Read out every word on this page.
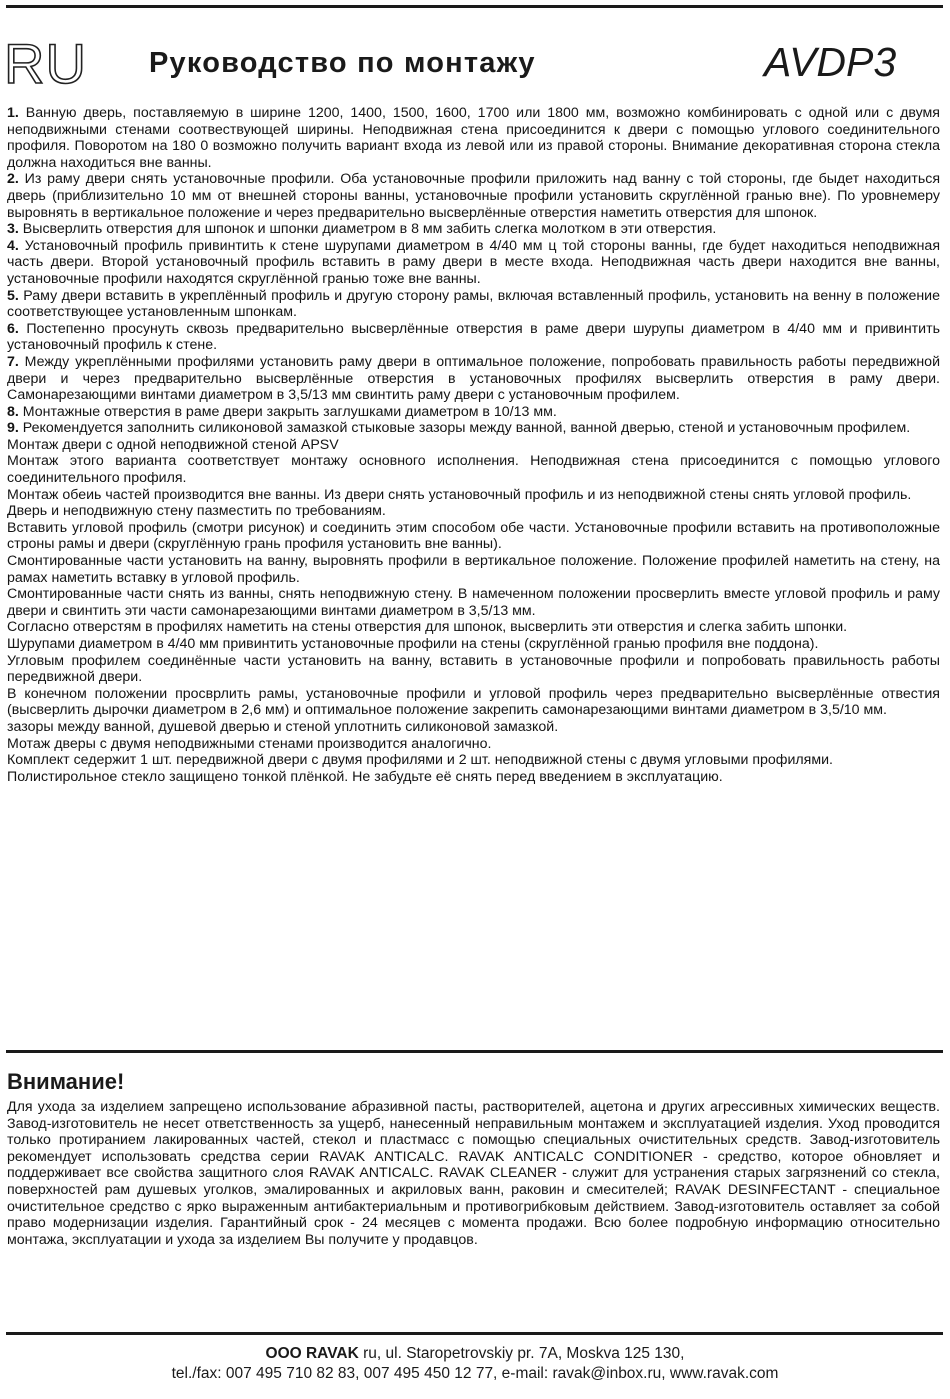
RU Руководство по монтажу	AVDP3

1. Ванную дверь, поставляемую в ширине 1200, 1400, 1500, 1600, 1700 или 1800 мм, возможно комбинировать с одной или с двумя неподвижными стенами соотвествующей ширины. Неподвижная стена присоединится к двери с помощью углового соединительного профиля. Поворотом на 180 0 возможно получить вариант входа из левой или из правой стороны. Внимание декоративная сторона стекла должна находиться вне ванны.

2. Из раму двери снять установочные профили. Оба установочные профили приложить над ванну с той стороны, где быдет находиться дверь (приблизительно 10 мм от внешней стороны ванны, установочные профили установить скруглённой гранью вне). По уровнемеру выровнять в вертикальное положение и через предварительно высверлённые отверстия наметить отверстия для шпонок.

3. Высверлить отверстия для шпонок и шпонки диаметром в 8 мм забить слегка молотком в эти отверстия.

4. Установочный профиль привинтить к стене шурупами диаметром в 4/40 мм ц той стороны ванны, где будет находиться неподвижная часть двери. Второй установочный профиль вставить в раму двери в месте входа. Неподвижная часть двери находится вне ванны, установочные профили находятся скруглённой гранью тоже вне ванны.

5. Раму двери вставить в укреплённый профиль и другую сторону рамы, включая вставленный профиль, установить на венну в положение соответствующее установленным шпонкам.

6. Постепенно просунуть сквозь предварительно высверлённые отверстия в раме двери шурупы диаметром в 4/40 мм и привинтить установочный профиль к стене.

7. Между укреплёнными профилями установить раму двери в оптимальное положение, попробовать правильность работы передвижной двери и через предварительно высверлённые отверстия в установочных профилях высверлить отверстия в раму двери. Самонарезающими винтами диаметром в 3,5/13 мм свинтить раму двери с установочным профилем.

8. Монтажные отверстия в раме двери закрыть заглушками диаметром в 10/13 мм.

9. Рекомендуется заполнить силиконовой замазкой стыковые зазоры между ванной, ванной дверью, стеной и установочным профилем.

Монтаж двери с одной неподвижной стеной APSV

Монтаж этого варианта соответствует монтажу основного исполнения. Неподвижная стена присоединится с помощью углового соединительного профиля.

Монтаж обеиь частей производится вне ванны. Из двери снять установочный профиль и из неподвижной стены снять угловой профиль.

Дверь и неподвижную стену пазместить по требованиям.

Вставить угловой профиль (смотри рисунок) и соединить этим способом обе части. Установочные профили вставить на противоположные строны рамы и двери (скруглённую грань профиля установить вне ванны).

Смонтированные части установить на ванну, выровнять профили в вертикальное положение. Положение профилей наметить на стену, на рамах наметить вставку в угловой профиль.

Смонтированные части снять из ванны, снять неподвижную стену. В намеченном положении просверлить вместе угловой профиль и раму двери и свинтить эти части самонарезающими винтами диаметром в 3,5/13 мм.

Согласно отверстям в профилях наметить на стены отверстия для шпонок, высверлить эти отверстия и слегка забить шпонки.

Шурупами диаметром в 4/40 мм привинтить установочные профили на стены (скруглённой гранью профиля вне поддона).

Угловым профилем соединённые части установить на ванну, вставить в установочные профили и попробовать правильность работы передвижной двери.

В конечном положении просврлить рамы, установочные профили и угловой профиль через предварительно высверлённые отвестия (высверлить дырочки диаметром в 2,6 мм) и оптимальное положение закрепить самонарезающими винтами диаметром в 3,5/10 мм.

зазоры между ванной, душевой дверью и стеной уплотнить силиконовой замазкой.

Мотаж дверы с двумя неподвижными стенами производится аналогично.

Комплект седержит 1 шт. передвижной двери с двумя профилями и 2 шт. неподвижной стены с двумя угловыми профилями.

Полистирольное стекло защищено тонкой плёнкой. Не забудьте её снять перед введением в эксплуатацию.

Внимание!

Для ухода за изделием запрещено использование абразивной пасты, растворителей, ацетона и других агрессивных химических веществ. Завод-изготовитель не несет ответственность за ущерб, нанесенный неправильным монтажем и эксплуатацией изделия. Уход проводится только протиранием лакированных частей, стекол и пластмасс с помощью специальных очистительных средств. Завод-изготовитель рекомендует использовать средства серии RAVAK ANTICALC. RAVAK ANTICALC CONDITIONER - средство, которое обновляет и поддерживает все свойства защитного слоя RAVAK ANTICALC. RAVAK CLEANER - служит для устранения старых загрязнений со стекла, поверхностей рам душевых уголков, эмалированных и акриловых ванн, раковин и смесителей; RAVAK DESINFECTANT - специальное очистительное средство с ярко выраженным антибактериальным и противогрибковым действием. Завод-изготовитель оставляет за собой право модернизации изделия. Гарантийный срок - 24 месяцев с момента продажи. Всю более подробную информацию относительно монтажа, эксплуатации и ухода за изделием Вы получите у продавцов.

OOO RAVAK ru, ul. Staropetrovskiy pr. 7A, Moskva 125 130,
tel./fax: 007 495 710 82 83, 007 495 450 12 77, e-mail: ravak@inbox.ru, www.ravak.com
